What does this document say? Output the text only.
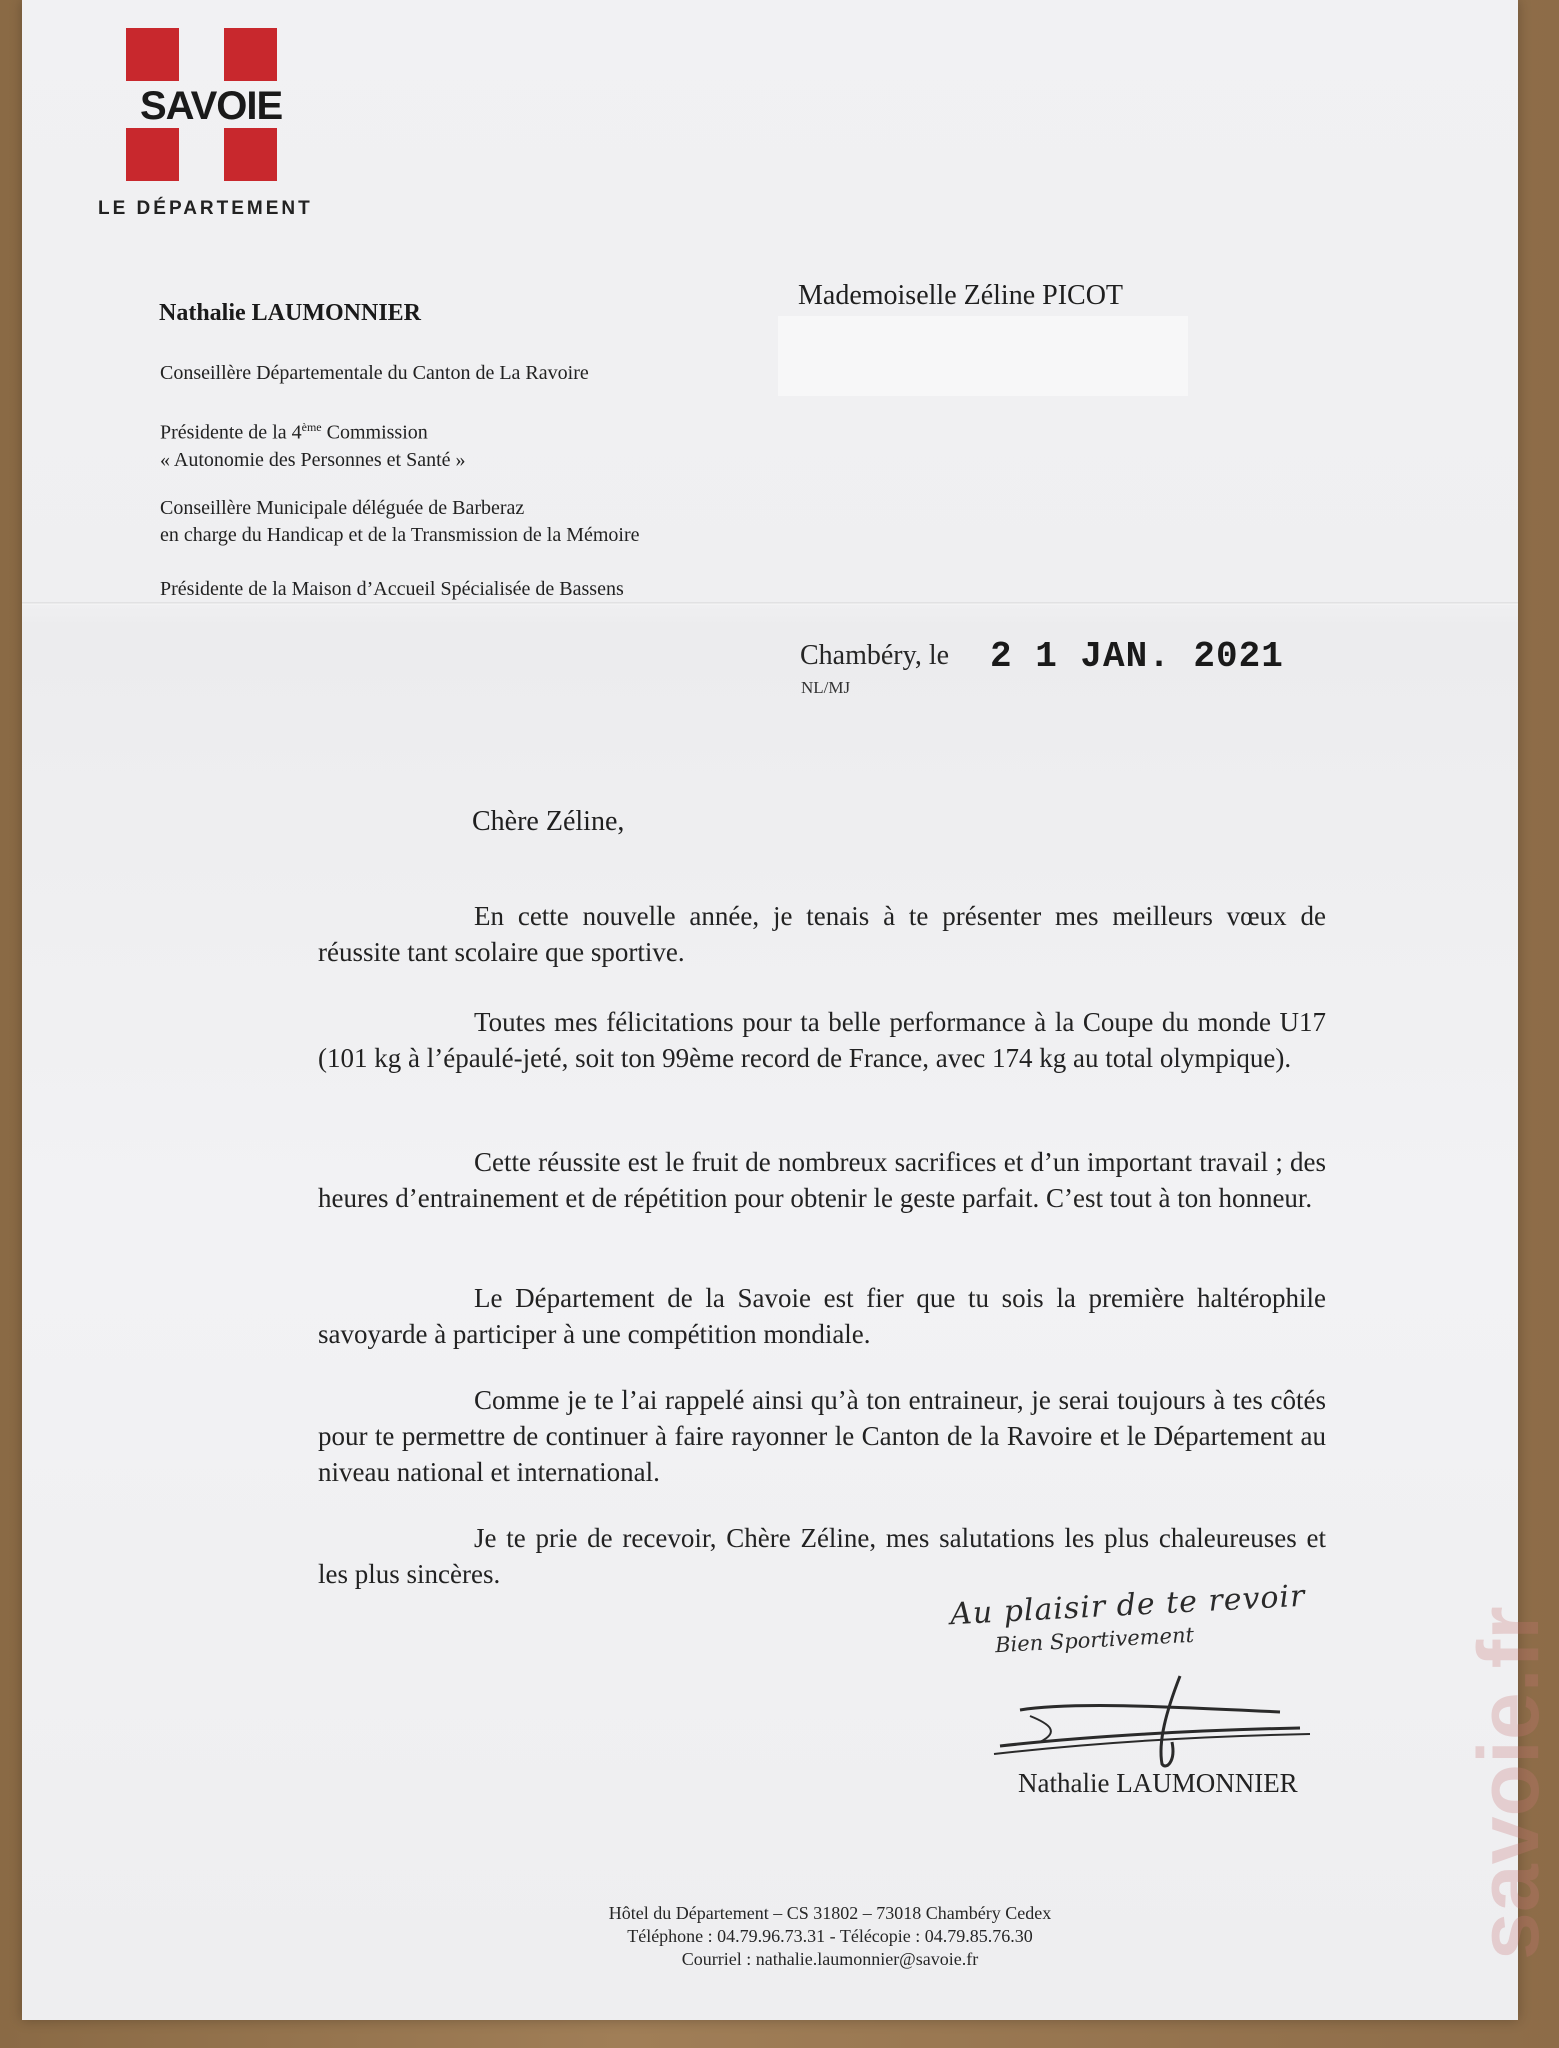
SAVOIE
LE DÉPARTEMENT
Nathalie LAUMONNIER
Conseillère Départementale du Canton de La Ravoire
Présidente de la 4ème Commission
« Autonomie des Personnes et Santé »
Conseillère Municipale déléguée de Barberaz
en charge du Handicap et de la Transmission de la Mémoire
Présidente de la Maison d’Accueil Spécialisée de Bassens
Mademoiselle Zéline PICOT
Chambéry, le 2 1 JAN. 2021
NL/MJ
Chère Zéline,

En cette nouvelle année, je tenais à te présenter mes meilleurs vœux de réussite tant scolaire que sportive.

Toutes mes félicitations pour ta belle performance à la Coupe du monde U17 (101 kg à l’épaulé-jeté, soit ton 99ème record de France, avec 174 kg au total olympique).

Cette réussite est le fruit de nombreux sacrifices et d’un important travail ; des heures d’entrainement et de répétition pour obtenir le geste parfait. C’est tout à ton honneur.

Le Département de la Savoie est fier que tu sois la première haltérophile savoyarde à participer à une compétition mondiale.

Comme je te l’ai rappelé ainsi qu’à ton entraineur, je serai toujours à tes côtés pour te permettre de continuer à faire rayonner le Canton de la Ravoire et le Département au niveau national et international.

Je te prie de recevoir, Chère Zéline, mes salutations les plus chaleureuses et les plus sincères.

Au plaisir de te revoir
Bien Sportivement
Nathalie LAUMONNIER
Hôtel du Département – CS 31802 – 73018 Chambéry Cedex
Téléphone : 04.79.96.73.31 - Télécopie : 04.79.85.76.30
Courriel : nathalie.laumonnier@savoie.fr	savoie.fr
